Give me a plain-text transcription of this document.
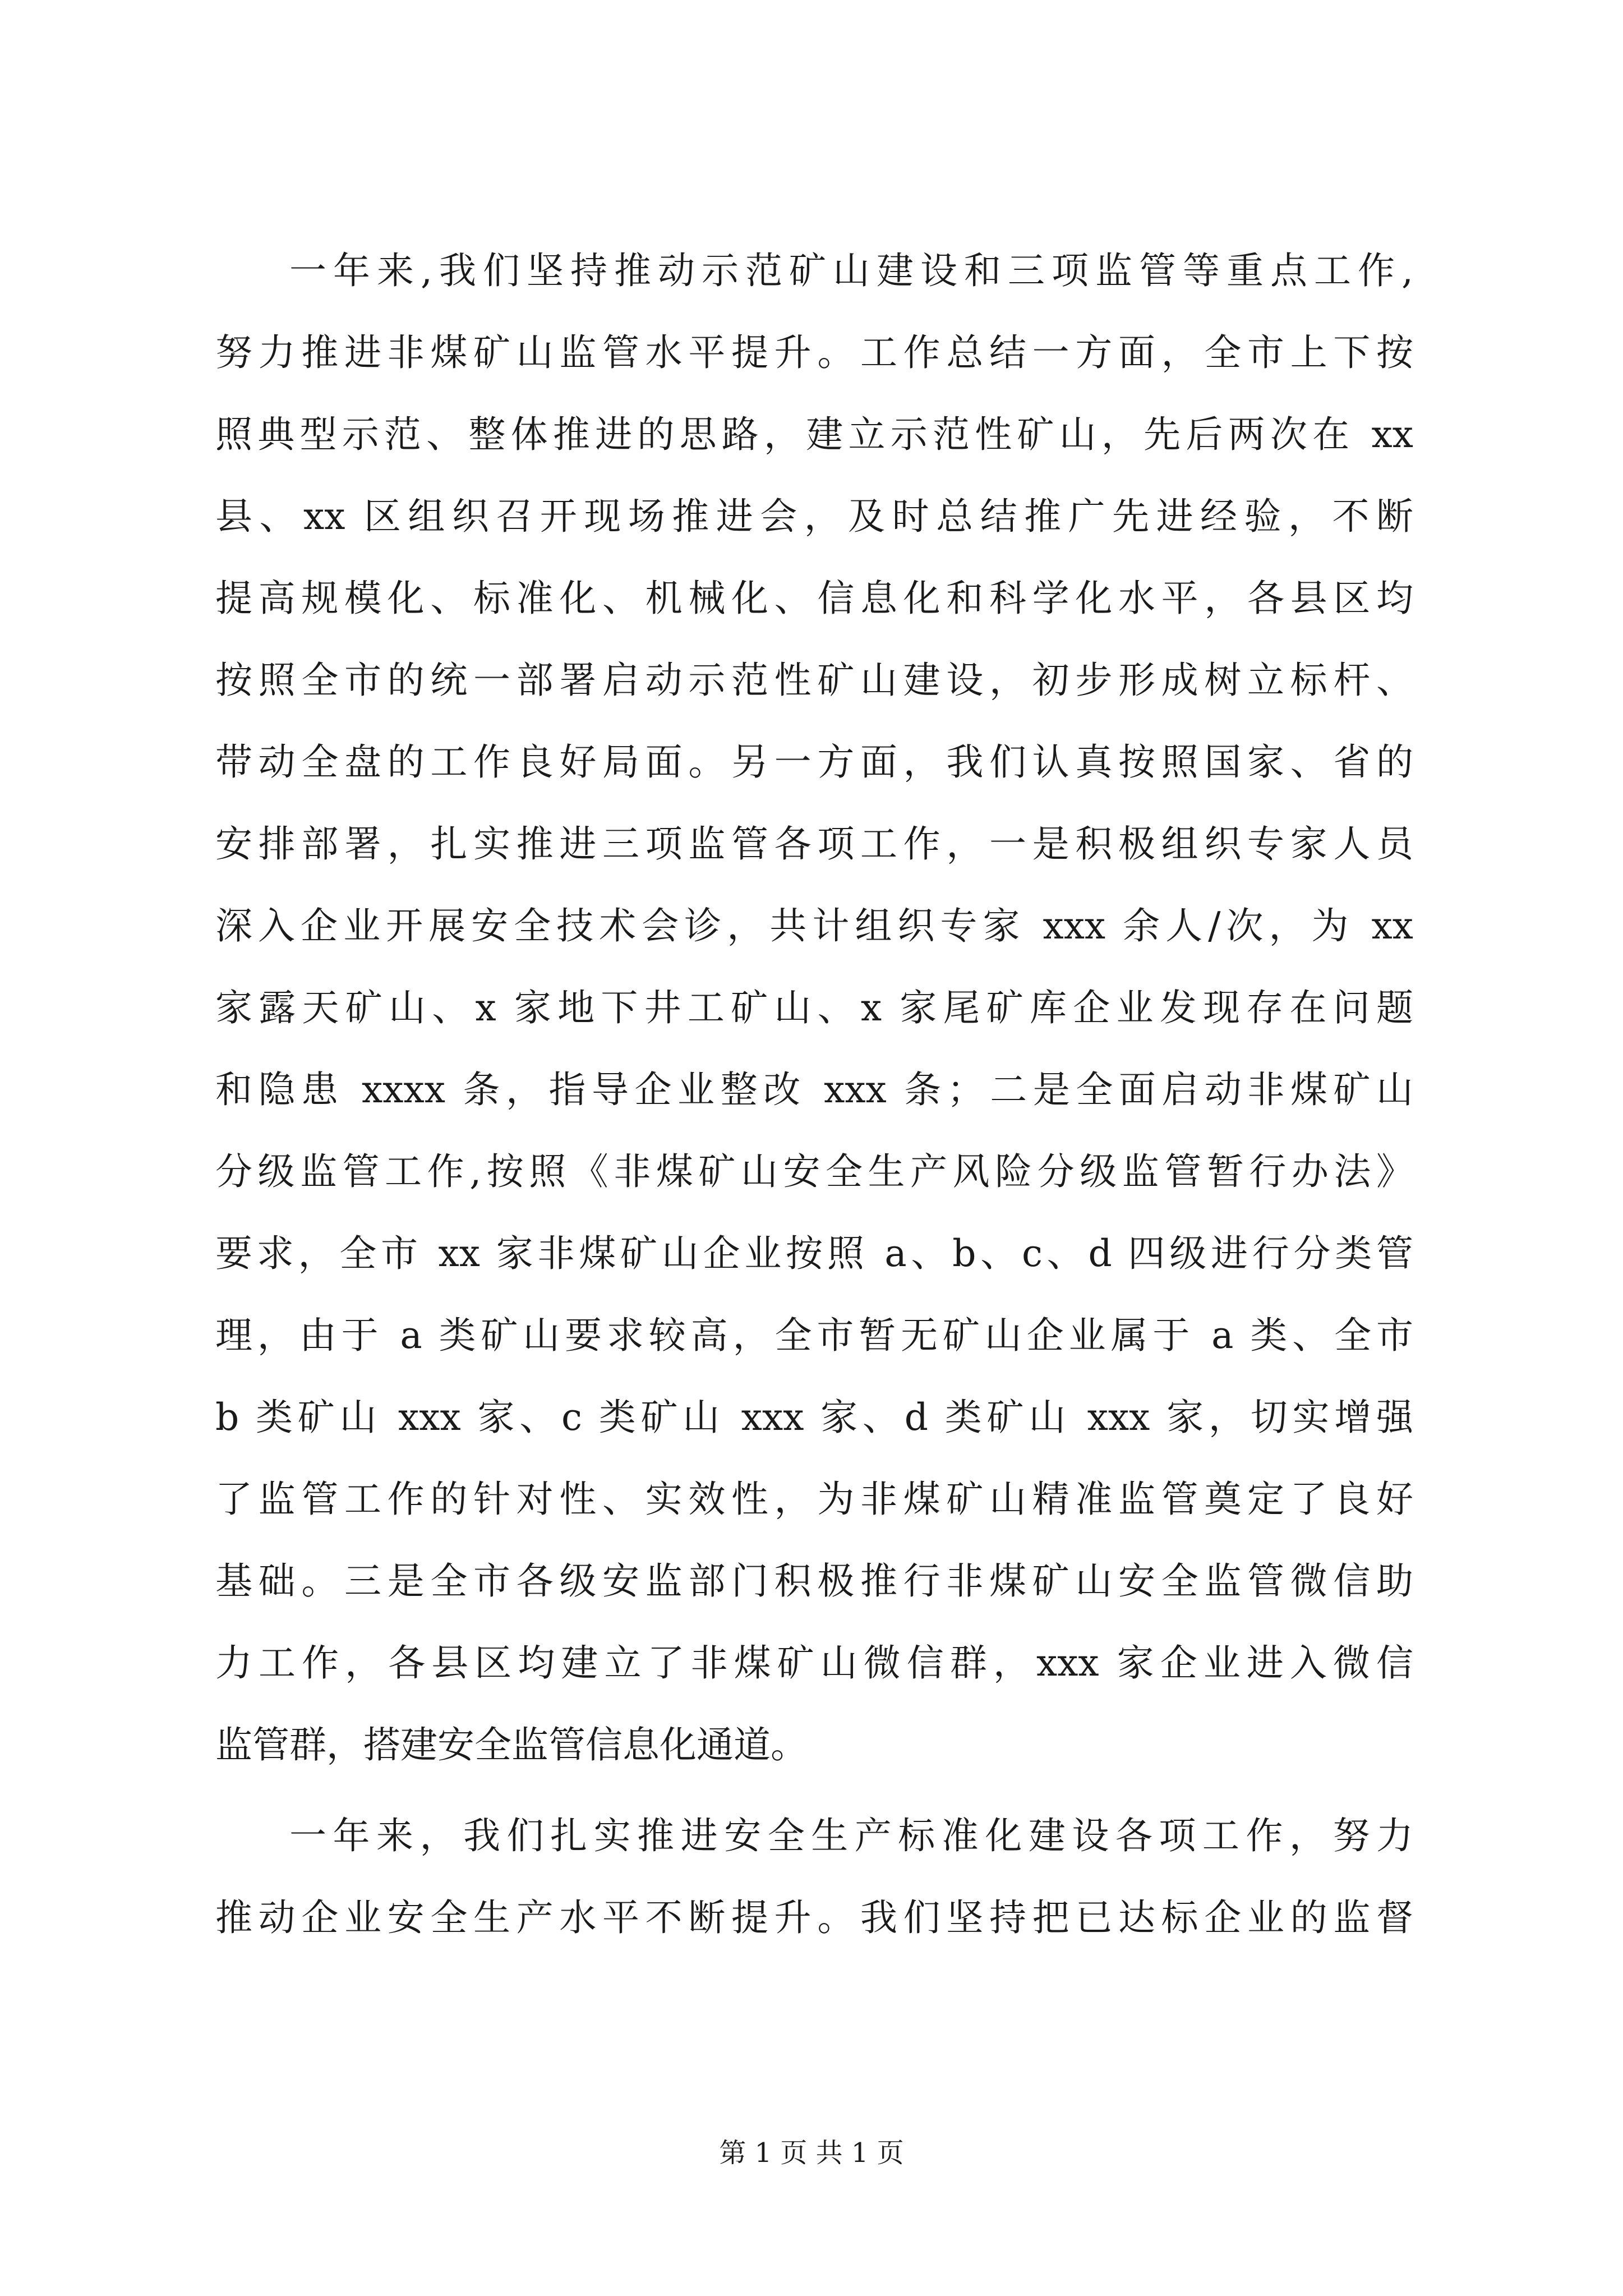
一年来,我们坚持推动示范矿山建设和三项监管等重点工作,
努力推进非煤矿山监管水平提升。工作总结一方面，全市上下按
照典型示范、整体推进的思路，建立示范性矿山，先后两次在 xx
县、xx 区组织召开现场推进会，及时总结推广先进经验，不断
提高规模化、标准化、机械化、信息化和科学化水平，各县区均
按照全市的统一部署启动示范性矿山建设，初步形成树立标杆、
带动全盘的工作良好局面。另一方面，我们认真按照国家、省的
安排部署，扎实推进三项监管各项工作，一是积极组织专家人员
深入企业开展安全技术会诊，共计组织专家 xxx 余人/次，为 xx
家露天矿山、x 家地下井工矿山、x 家尾矿库企业发现存在问题
和隐患 xxxx 条，指导企业整改 xxx 条；二是全面启动非煤矿山
分级监管工作,按照《非煤矿山安全生产风险分级监管暂行办法》
要求，全市 xx 家非煤矿山企业按照 a、b、c、d 四级进行分类管
理，由于 a 类矿山要求较高，全市暂无矿山企业属于 a 类、全市
b 类矿山 xxx 家、c 类矿山 xxx 家、d 类矿山 xxx 家，切实增强
了监管工作的针对性、实效性，为非煤矿山精准监管奠定了良好
基础。三是全市各级安监部门积极推行非煤矿山安全监管微信助
力工作，各县区均建立了非煤矿山微信群，xxx 家企业进入微信
监管群，搭建安全监管信息化通道。

一年来，我们扎实推进安全生产标准化建设各项工作，努力
推动企业安全生产水平不断提升。我们坚持把已达标企业的监督

第 1 页 共 1 页
